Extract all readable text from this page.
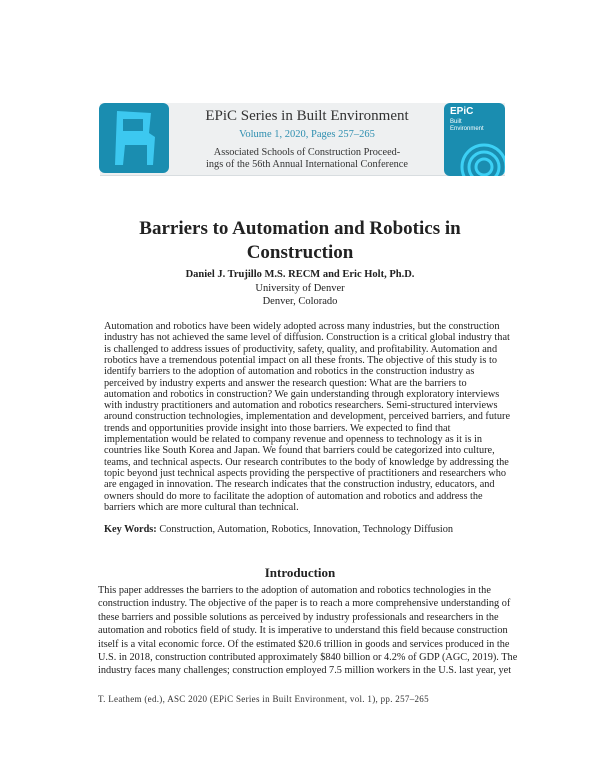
EPiC
Built
Environment
EPiC Series in Built Environment
Volume 1, 2020, Pages 257–265
Associated Schools of Construction Proceed-
ings of the 56th Annual International Conference
Barriers to Automation and Robotics in
Construction
Daniel J. Trujillo M.S. RECM and Eric Holt, Ph.D.
University of Denver
Denver, Colorado
Automation and robotics have been widely adopted across many industries, but the construction
industry has not achieved the same level of diffusion. Construction is a critical global industry that
is challenged to address issues of productivity, safety, quality, and profitability. Automation and
robotics have a tremendous potential impact on all these fronts. The objective of this study is to
identify barriers to the adoption of automation and robotics in the construction industry as
perceived by industry experts and answer the research question: What are the barriers to
automation and robotics in construction? We gain understanding through exploratory interviews
with industry practitioners and automation and robotics researchers. Semi-structured interviews
around construction technologies, implementation and development, perceived barriers, and future
trends and opportunities provide insight into those barriers. We expected to find that
implementation would be related to company revenue and openness to technology as it is in
countries like South Korea and Japan. We found that barriers could be categorized into culture,
teams, and technical aspects. Our research contributes to the body of knowledge by addressing the
topic beyond just technical aspects providing the perspective of practitioners and researchers who
are engaged in innovation. The research indicates that the construction industry, educators, and
owners should do more to facilitate the adoption of automation and robotics and address the
barriers which are more cultural than technical.
Key Words: Construction, Automation, Robotics, Innovation, Technology Diffusion
Introduction
This paper addresses the barriers to the adoption of automation and robotics technologies in the
construction industry. The objective of the paper is to reach a more comprehensive understanding of
these barriers and possible solutions as perceived by industry professionals and researchers in the
automation and robotics field of study. It is imperative to understand this field because construction
itself is a vital economic force. Of the estimated $20.6 trillion in goods and services produced in the
U.S. in 2018, construction contributed approximately $840 billion or 4.2% of GDP (AGC, 2019). The
industry faces many challenges; construction employed 7.5 million workers in the U.S. last year, yet
T. Leathem (ed.), ASC 2020 (EPiC Series in Built Environment, vol. 1), pp. 257–265
